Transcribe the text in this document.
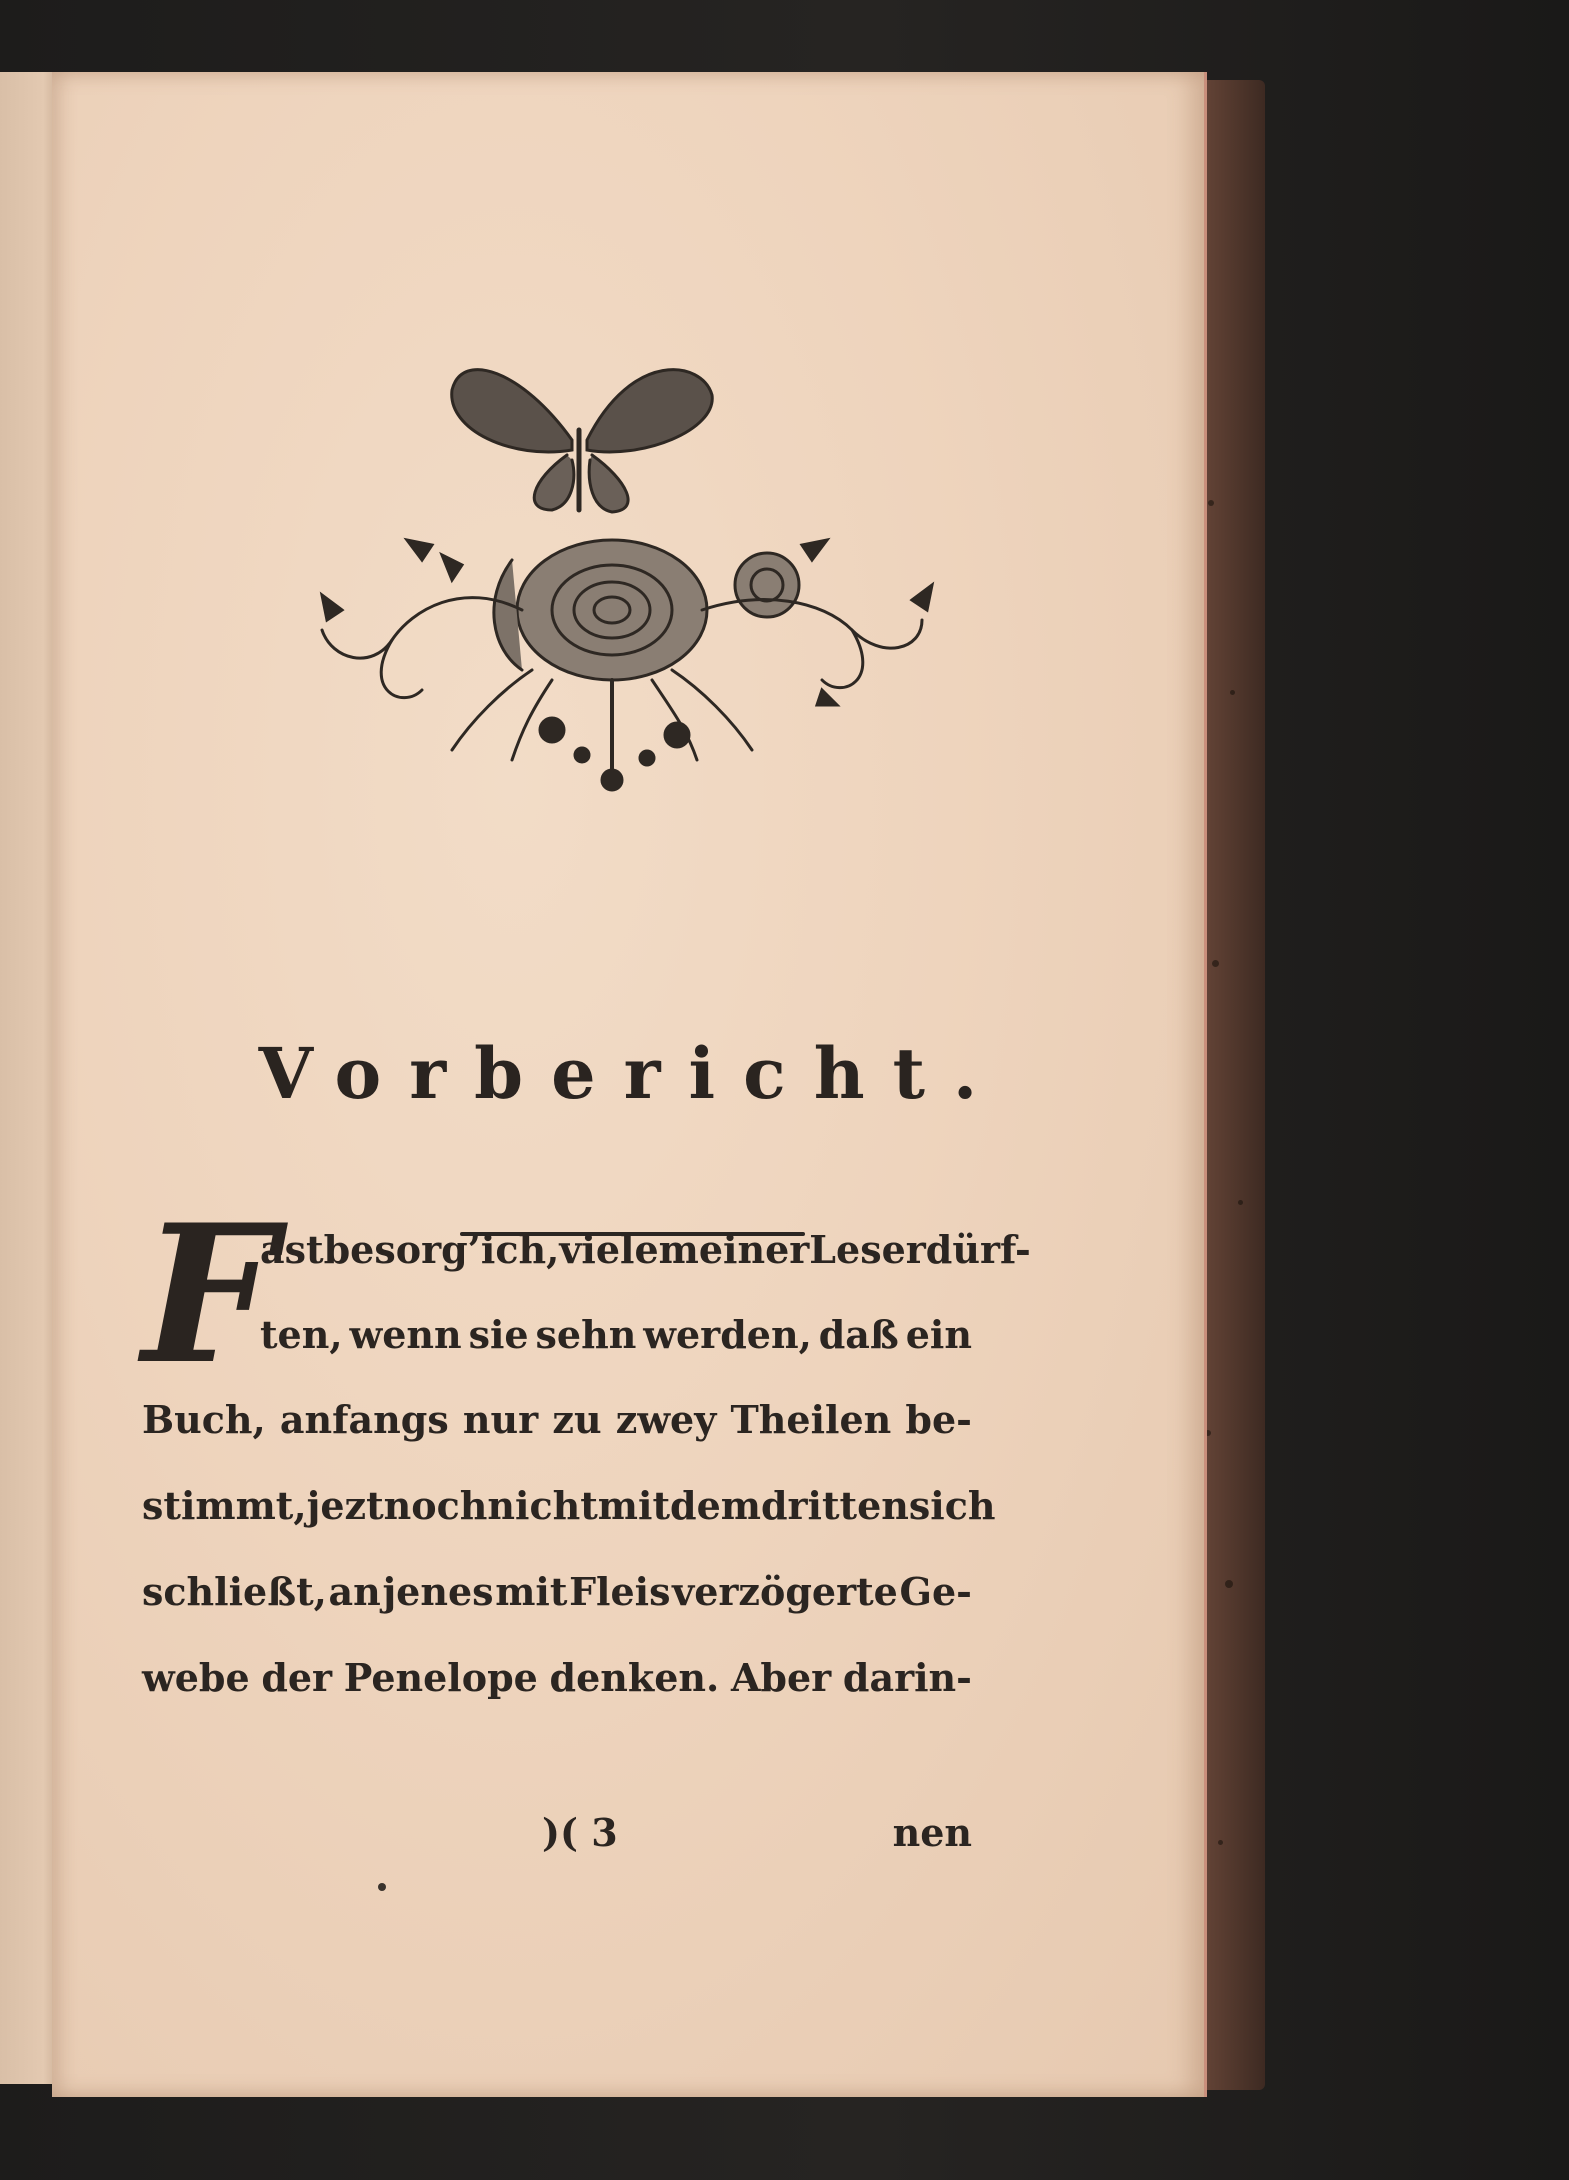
Vorbericht.
F
ast besorg’ ich, viele meiner Leser dürf-
ten, wenn sie sehn werden, daß ein
Buch, anfangs nur zu zwey Theilen be-
stimmt, jezt noch nicht mit dem dritten sich
schließt, an jenes mit Fleis verzögerte Ge-
webe der Penelope denken. Aber darin-
)( 3	nen
